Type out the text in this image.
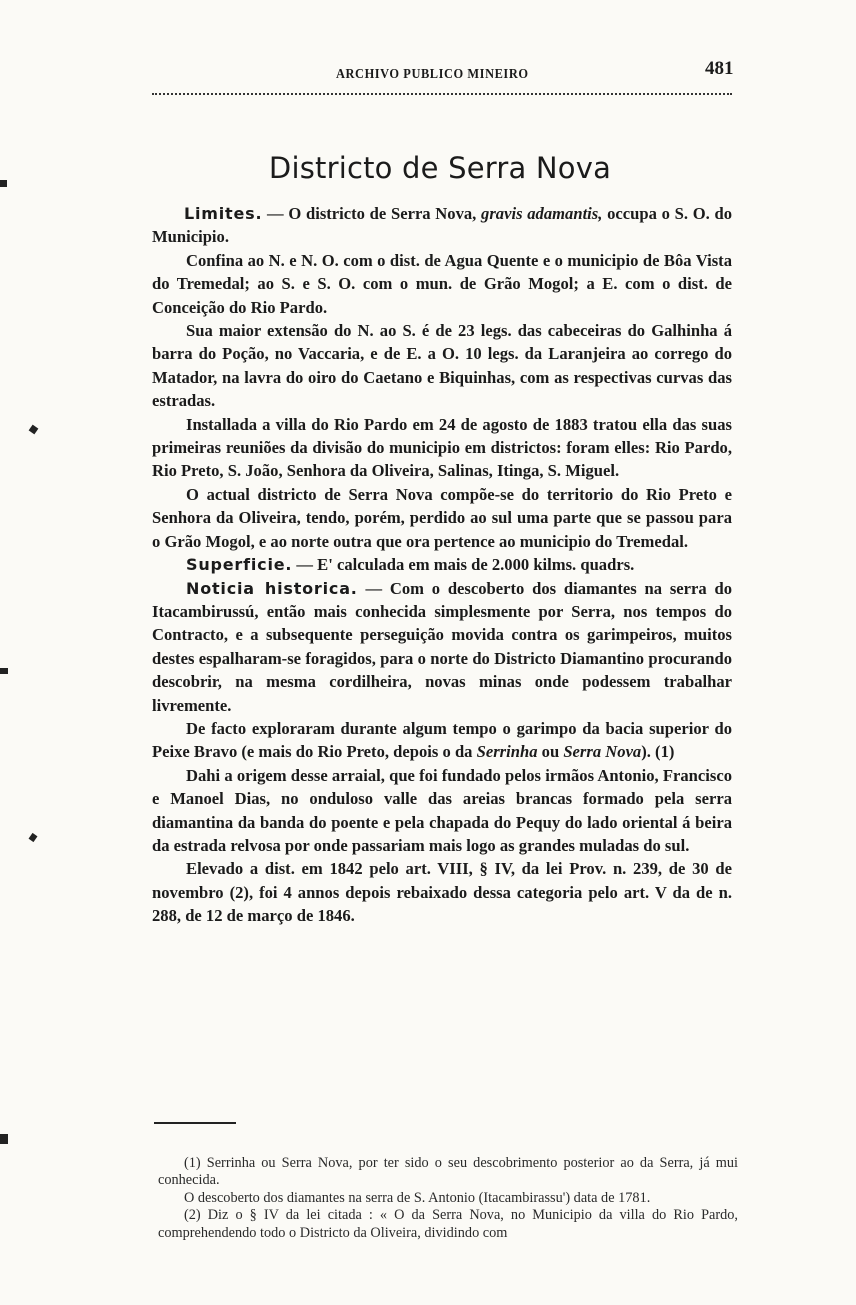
ARCHIVO PUBLICO MINEIRO	481
Districto de Serra Nova

Limites. — O districto de Serra Nova, gravis adamantis, occupa o S. O. do Municipio.

Confina ao N. e N. O. com o dist. de Agua Quente e o municipio de Bôa Vista do Tremedal; ao S. e S. O. com o mun. de Grão Mogol; a E. com o dist. de Conceição do Rio Pardo.

Sua maior extensão do N. ao S. é de 23 legs. das cabeceiras do Galhinha á barra do Poção, no Vaccaria, e de E. a O. 10 legs. da Laranjeira ao corrego do Matador, na lavra do oiro do Caetano e Biquinhas, com as respectivas curvas das estradas.

Installada a villa do Rio Pardo em 24 de agosto de 1883 tratou ella das suas primeiras reuniões da divisão do municipio em districtos: foram elles: Rio Pardo, Rio Preto, S. João, Senhora da Oliveira, Salinas, Itinga, S. Miguel.

O actual districto de Serra Nova compõe-se do territorio do Rio Preto e Senhora da Oliveira, tendo, porém, perdido ao sul uma parte que se passou para o Grão Mogol, e ao norte outra que ora pertence ao municipio do Tremedal.

Superficie. — E' calculada em mais de 2.000 kilms. quadrs.

Noticia historica. — Com o descoberto dos diamantes na serra do Itacambirussú, então mais conhecida simplesmente por Serra, nos tempos do Contracto, e a subsequente perseguição movida contra os garimpeiros, muitos destes espalharam-se foragidos, para o norte do Districto Diamantino procurando descobrir, na mesma cordilheira, novas minas onde podessem trabalhar livremente.

De facto exploraram durante algum tempo o garimpo da bacia superior do Peixe Bravo (e mais do Rio Preto, depois o da Serrinha ou Serra Nova). (1)

Dahi a origem desse arraial, que foi fundado pelos irmãos Antonio, Francisco e Manoel Dias, no onduloso valle das areias brancas formado pela serra diamantina da banda do poente e pela chapada do Pequy do lado oriental á beira da estrada relvosa por onde passariam mais logo as grandes muladas do sul.

Elevado a dist. em 1842 pelo art. VIII, § IV, da lei Prov. n. 239, de 30 de novembro (2), foi 4 annos depois rebaixado dessa categoria pelo art. V da de n. 288, de 12 de março de 1846.

(1) Serrinha ou Serra Nova, por ter sido o seu descobrimento posterior ao da Serra, já mui conhecida.

O descoberto dos diamantes na serra de S. Antonio (Itacambirassu') data de 1781.

(2) Diz o § IV da lei citada : « O da Serra Nova, no Municipio da villa do Rio Pardo, comprehendendo todo o Districto da Oliveira, dividindo com
